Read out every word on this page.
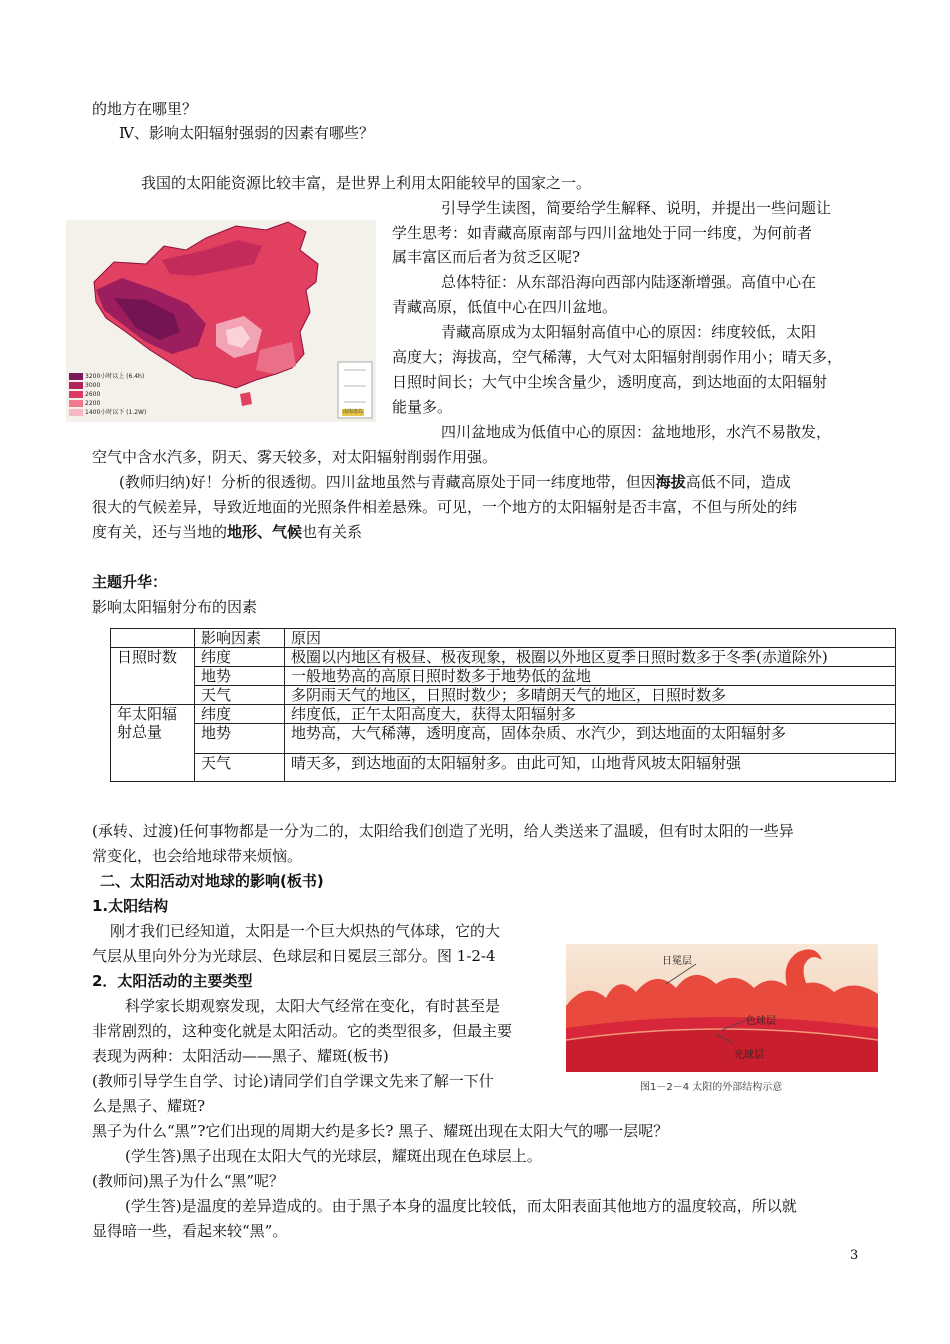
的地方在哪里？
Ⅳ、影响太阳辐射强弱的因素有哪些？
我国的太阳能资源比较丰富，是世界上利用太阳能较早的国家之一。
3200小时以上 (6.4h)
3000
2600
2200
1400小时以下 (1.2W)	南海诸岛
引导学生读图，简要给学生解释、说明，并提出一些问题让
学生思考：如青藏高原南部与四川盆地处于同一纬度，为何前者
属丰富区而后者为贫乏区呢?
总体特征：从东部沿海向西部内陆逐渐增强。高值中心在
青藏高原，低值中心在四川盆地。
青藏高原成为太阳辐射高值中心的原因：纬度较低，太阳
高度大；海拔高，空气稀薄，大气对太阳辐射削弱作用小；晴天多，
日照时间长；大气中尘埃含量少，透明度高，到达地面的太阳辐射
能量多。
四川盆地成为低值中心的原因：盆地地形，水汽不易散发，
空气中含水汽多，阴天、雾天较多，对太阳辐射削弱作用强。
(教师归纳)好！分析的很透彻。四川盆地虽然与青藏高原处于同一纬度地带，但因海拔高低不同，造成
很大的气候差异，导致近地面的光照条件相差悬殊。可见，一个地方的太阳辐射是否丰富，不但与所处的纬
度有关，还与当地的地形、气候也有关系
主题升华：
影响太阳辐射分布的因素
	影响因素	原因
日照时数	纬度	极圈以内地区有极昼、极夜现象，极圈以外地区夏季日照时数多于冬季(赤道除外)
	地势	一般地势高的高原日照时数多于地势低的盆地
	天气	多阴雨天气的地区，日照时数少；多晴朗天气的地区，日照时数多
年太阳辐
射总量	纬度	纬度低，正午太阳高度大，获得太阳辐射多
	地势	地势高，大气稀薄，透明度高，固体杂质、水汽少，到达地面的太阳辐射多
	天气	晴天多，到达地面的太阳辐射多。由此可知，山地背风坡太阳辐射强
(承转、过渡)任何事物都是一分为二的，太阳给我们创造了光明，给人类送来了温暖，但有时太阳的一些异
常变化，也会给地球带来烦恼。
二、太阳活动对地球的影响(板书)
1.太阳结构
刚才我们已经知道，太阳是一个巨大炽热的气体球，它的大
气层从里向外分为光球层、色球层和日冕层三部分。图 1-2-4
2．太阳活动的主要类型
科学家长期观察发现，太阳大气经常在变化，有时甚至是
非常剧烈的，这种变化就是太阳活动。它的类型很多，但最主要
表现为两种：太阳活动——黑子、耀斑(板书)
(教师引导学生自学、讨论)请同学们自学课文先来了解一下什
么是黑子、耀斑?
黑子为什么“黑”?它们出现的周期大约是多长? 黑子、耀斑出现在太阳大气的哪一层呢？
(学生答)黑子出现在太阳大气的光球层，耀斑出现在色球层上。
(教师问)黑子为什么“黑”呢？
(学生答)是温度的差异造成的。由于黑子本身的温度比较低，而太阳表面其他地方的温度较高，所以就
显得暗一些，看起来较“黑”。
日冕层
色球层
光球层
图1－2－4 太阳的外部结构示意
3
